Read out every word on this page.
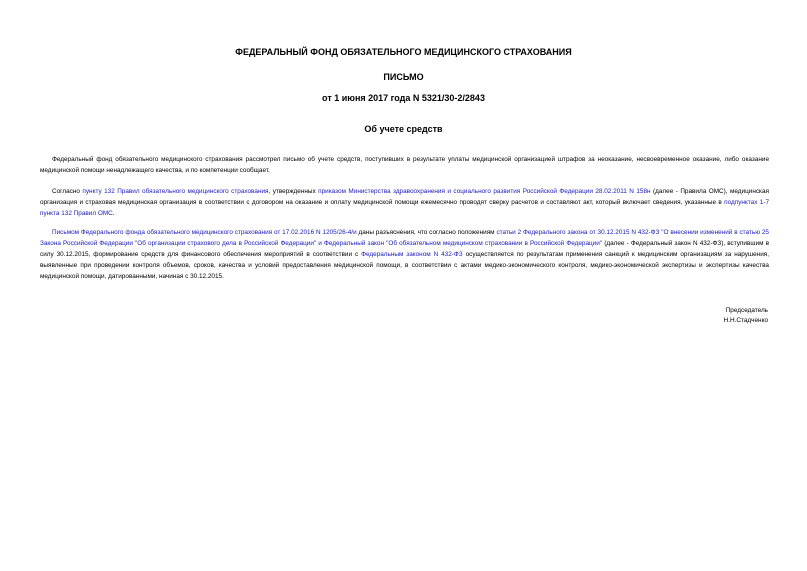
ФЕДЕРАЛЬНЫЙ ФОНД ОБЯЗАТЕЛЬНОГО МЕДИЦИНСКОГО СТРАХОВАНИЯ
ПИСЬМО
от 1 июня 2017 года N 5321/30-2/2843
Об учете средств

Федеральный фонд обязательного медицинского страхования рассмотрел письмо об учете средств, поступивших в результате уплаты медицинской организацией штрафов за неоказание, несвоевременное оказание, либо оказание медицинской помощи ненадлежащего качества, и по компетенции сообщает.

Согласно пункту 132 Правил обязательного медицинского страхования, утвержденных приказом Министерства здравоохранения и социального развития Российской Федерации 28.02.2011 N 158н (далее - Правила ОМС), медицинская организация и страховая медицинская организация в соответствии с договором на оказание и оплату медицинской помощи ежемесячно проводят сверку расчетов и составляют акт, который включает сведения, указанные в подпунктах 1-7 пункта 132 Правил ОМС.

Письмом Федерального фонда обязательного медицинского страхования от 17.02.2016 N 1205/26-4/и даны разъяснения, что согласно положениям статьи 2 Федерального закона от 30.12.2015 N 432-ФЗ "О внесении изменений в статью 25 Закона Российской Федерации "Об организации страхового дела в Российской Федерации" и Федеральный закон "Об обязательном медицинском страховании в Российской Федерации" (далее - Федеральный закон N 432-ФЗ), вступившим в силу 30.12.2015, формирование средств для финансового обеспечения мероприятий в соответствии с Федеральным законом N 432-ФЗ осуществляется по результатам применения санкций к медицинским организациям за нарушения, выявленные при проведении контроля объемов, сроков, качества и условий предоставления медицинской помощи, в соответствии с актами медико-экономического контроля, медико-экономической экспертизы и экспертизы качества медицинской помощи, датированными, начиная с 30.12.2015.

Председатель
Н.Н.Стадченко
